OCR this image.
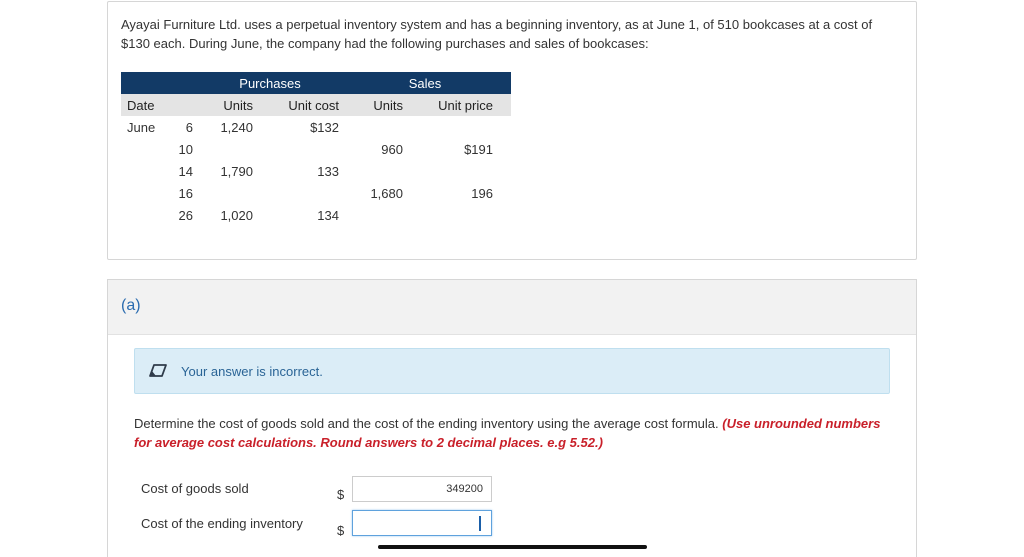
Ayayai Furniture Ltd. uses a perpetual inventory system and has a beginning inventory, as at June 1, of 510 bookcases at a cost of
$130 each. During June, the company had the following purchases and sales of bookcases:
		Purchases		Sales	
Date		Units	Unit cost	Units	Unit price
June	6	1,240	$132		
	10			960	$191
	14	1,790	133		
	16			1,680	196
	26	1,020	134		
(a)
Your answer is incorrect.
Determine the cost of goods sold and the cost of the ending inventory using the average cost formula. (Use unrounded numbers for average cost calculations. Round answers to 2 decimal places. e.g 5.52.)
Cost of goods sold	$	349200
Cost of the ending inventory	$
